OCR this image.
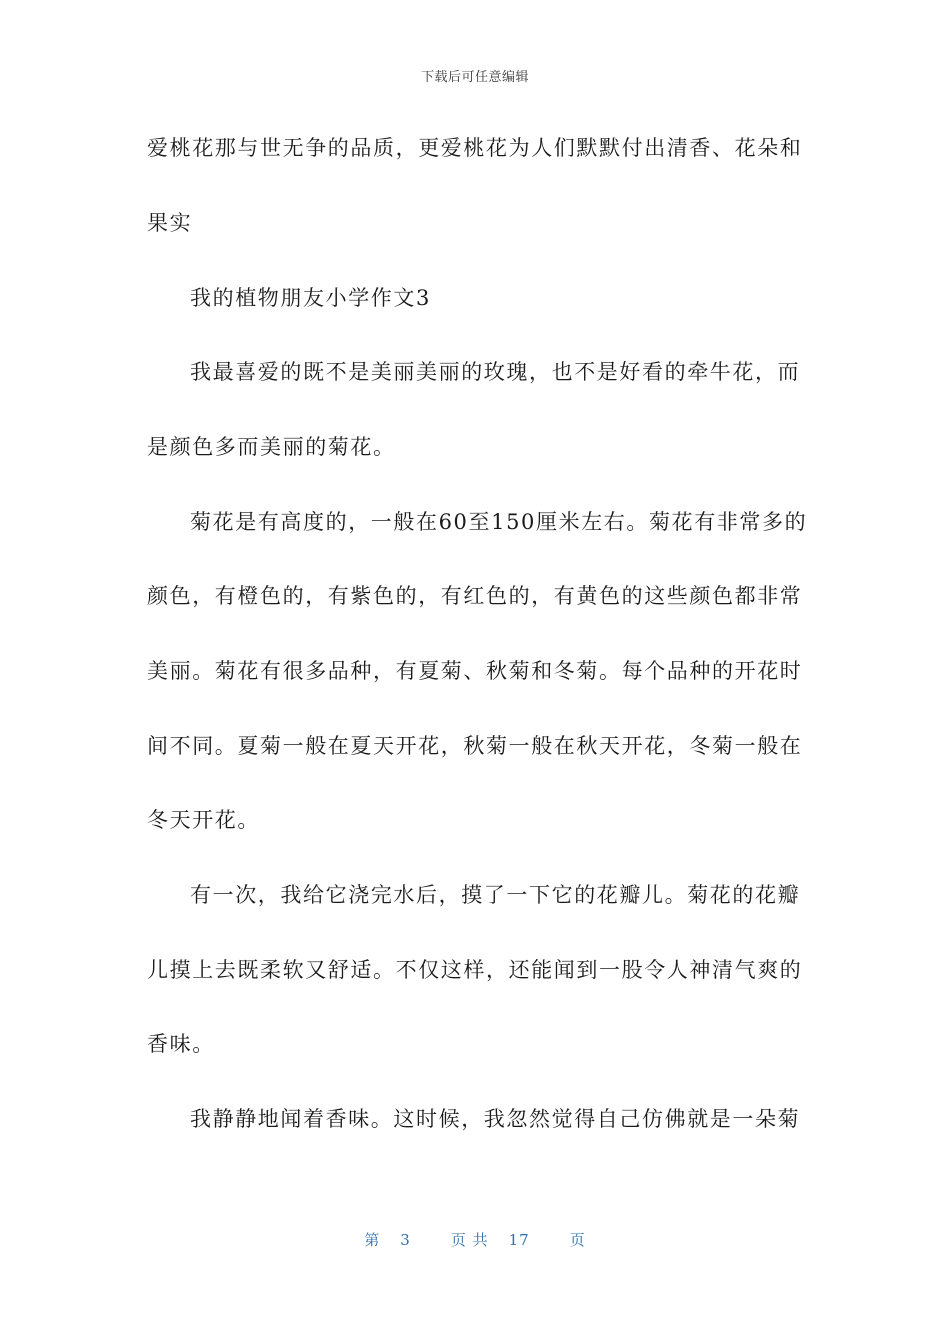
下载后可任意编辑
爱桃花那与世无争的品质，更爱桃花为人们默默付出清香、花朵和
果实
我的植物朋友小学作文3
我最喜爱的既不是美丽美丽的玫瑰，也不是好看的牵牛花，而
是颜色多而美丽的菊花。
菊花是有高度的，一般在60至150厘米左右。菊花有非常多的
颜色，有橙色的，有紫色的，有红色的，有黄色的这些颜色都非常
美丽。菊花有很多品种，有夏菊、秋菊和冬菊。每个品种的开花时
间不同。夏菊一般在夏天开花，秋菊一般在秋天开花，冬菊一般在
冬天开花。
有一次，我给它浇完水后，摸了一下它的花瓣儿。菊花的花瓣
儿摸上去既柔软又舒适。不仅这样，还能闻到一股令人神清气爽的
香味。
我静静地闻着香味。这时候，我忽然觉得自己仿佛就是一朵菊
第 3	页 共 17	页
